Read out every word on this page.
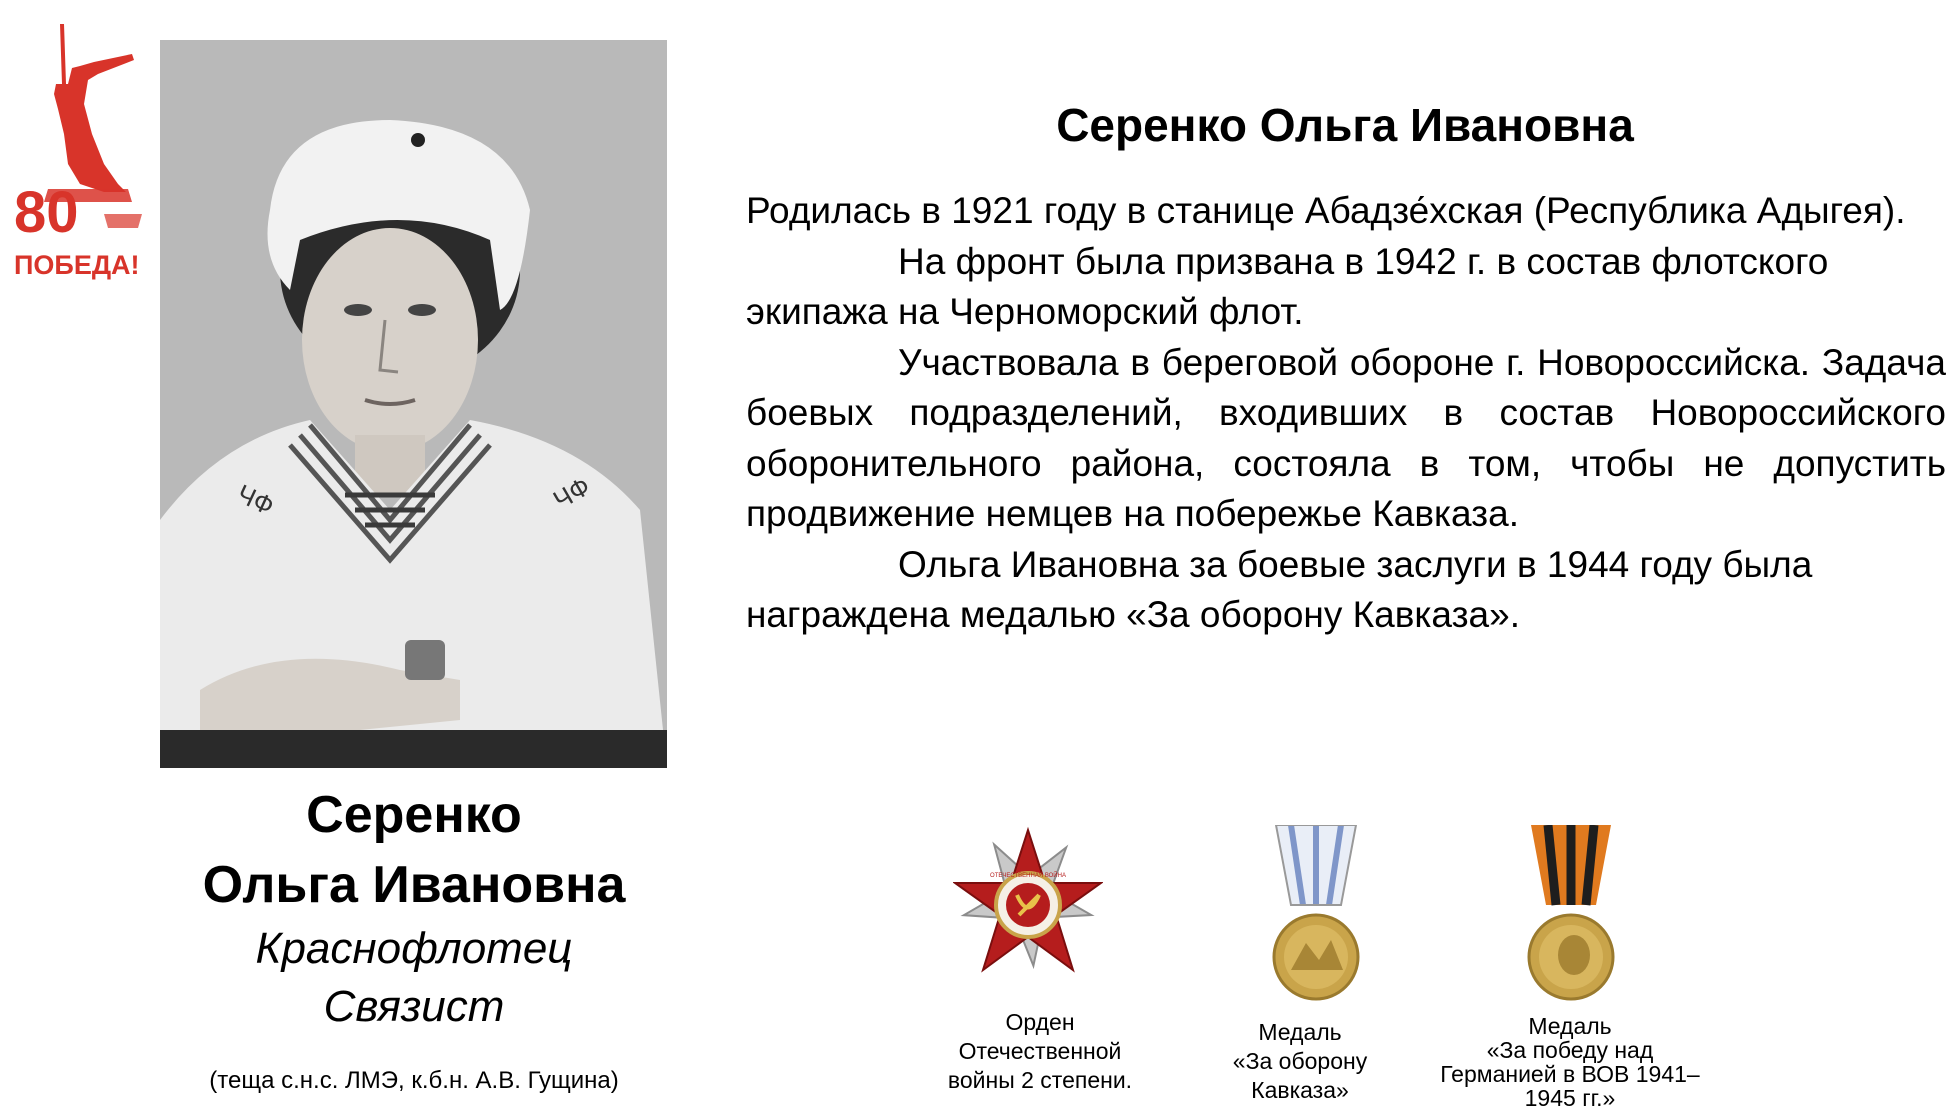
80
ПОБЕДА!
ЧФ	ЧФ
Серенко
Ольга Ивановна
Краснофлотец
Связист
(теща с.н.с. ЛМЭ, к.б.н. А.В. Гущина)
Серенко Ольга Ивановна

Родилась в 1921 году в станице Абадзе́хская (Республика Адыгея).

На фронт была призвана в 1942 г. в состав флотского экипажа на Черноморский флот.

Участвовала в береговой обороне г. Новороссийска. Задача боевых подразделений, входивших в состав Новороссийского оборонительного района, состояла в том, чтобы не допустить продвижение немцев на побережье Кавказа.

Ольга Ивановна за боевые заслуги в 1944 году была награждена медалью «За оборону Кавказа».

ОТЕЧЕСТВЕННАЯ ВОЙНА
Орден
Отечественной
войны 2 степени.
Медаль
«За оборону
Кавказа»
Медаль
«За победу над
Германией в ВОВ 1941–
1945 гг.»
